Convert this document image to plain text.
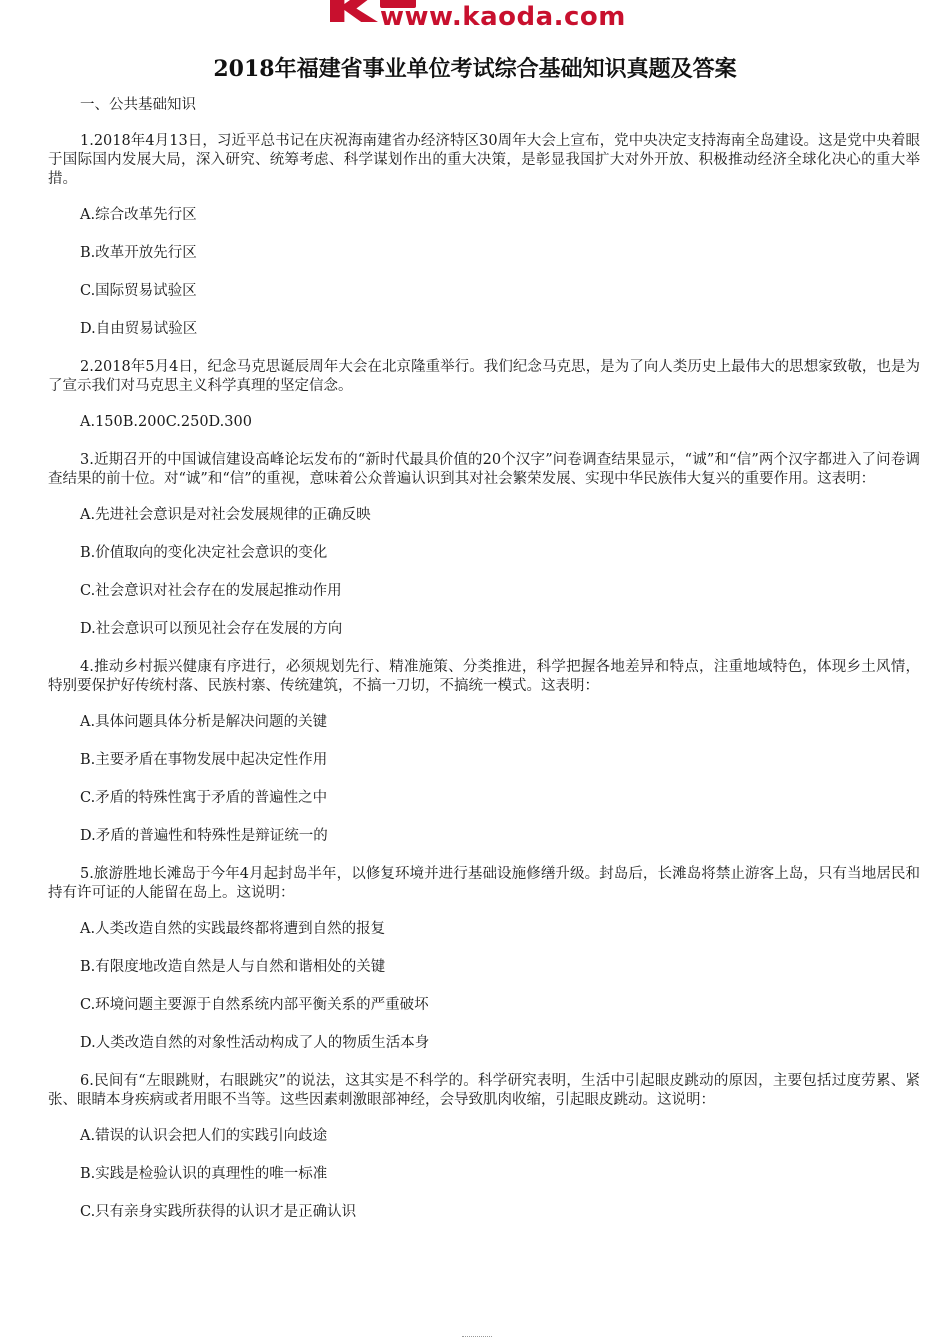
www.kaoda.com
2018年福建省事业单位考试综合基础知识真题及答案
一、公共基础知识

1.2018年4月13日，习近平总书记在庆祝海南建省办经济特区30周年大会上宣布，党中央决定支持海南全岛建设。这是党中央着眼于国际国内发展大局，深入研究、统筹考虑、科学谋划作出的重大决策，是彰显我国扩大对外开放、积极推动经济全球化决心的重大举措。

A.综合改革先行区

B.改革开放先行区

C.国际贸易试验区

D.自由贸易试验区

2.2018年5月4日，纪念马克思诞辰周年大会在北京隆重举行。我们纪念马克思，是为了向人类历史上最伟大的思想家致敬，也是为了宣示我们对马克思主义科学真理的坚定信念。

A.150B.200C.250D.300

3.近期召开的中国诚信建设高峰论坛发布的“新时代最具价值的20个汉字”问卷调查结果显示，“诚”和“信”两个汉字都进入了问卷调查结果的前十位。对“诚”和“信”的重视，意味着公众普遍认识到其对社会繁荣发展、实现中华民族伟大复兴的重要作用。这表明：

A.先进社会意识是对社会发展规律的正确反映

B.价值取向的变化决定社会意识的变化

C.社会意识对社会存在的发展起推动作用

D.社会意识可以预见社会存在发展的方向

4.推动乡村振兴健康有序进行，必须规划先行、精准施策、分类推进，科学把握各地差异和特点，注重地域特色，体现乡土风情，特别要保护好传统村落、民族村寨、传统建筑，不搞一刀切，不搞统一模式。这表明：

A.具体问题具体分析是解决问题的关键

B.主要矛盾在事物发展中起决定性作用

C.矛盾的特殊性寓于矛盾的普遍性之中

D.矛盾的普遍性和特殊性是辩证统一的

5.旅游胜地长滩岛于今年4月起封岛半年，以修复环境并进行基础设施修缮升级。封岛后，长滩岛将禁止游客上岛，只有当地居民和持有许可证的人能留在岛上。这说明：

A.人类改造自然的实践最终都将遭到自然的报复

B.有限度地改造自然是人与自然和谐相处的关键

C.环境问题主要源于自然系统内部平衡关系的严重破坏

D.人类改造自然的对象性活动构成了人的物质生活本身

6.民间有“左眼跳财，右眼跳灾”的说法，这其实是不科学的。科学研究表明，生活中引起眼皮跳动的原因，主要包括过度劳累、紧张、眼睛本身疾病或者用眼不当等。这些因素刺激眼部神经，会导致肌肉收缩，引起眼皮跳动。这说明：

A.错误的认识会把人们的实践引向歧途

B.实践是检验认识的真理性的唯一标准

C.只有亲身实践所获得的认识才是正确认识
